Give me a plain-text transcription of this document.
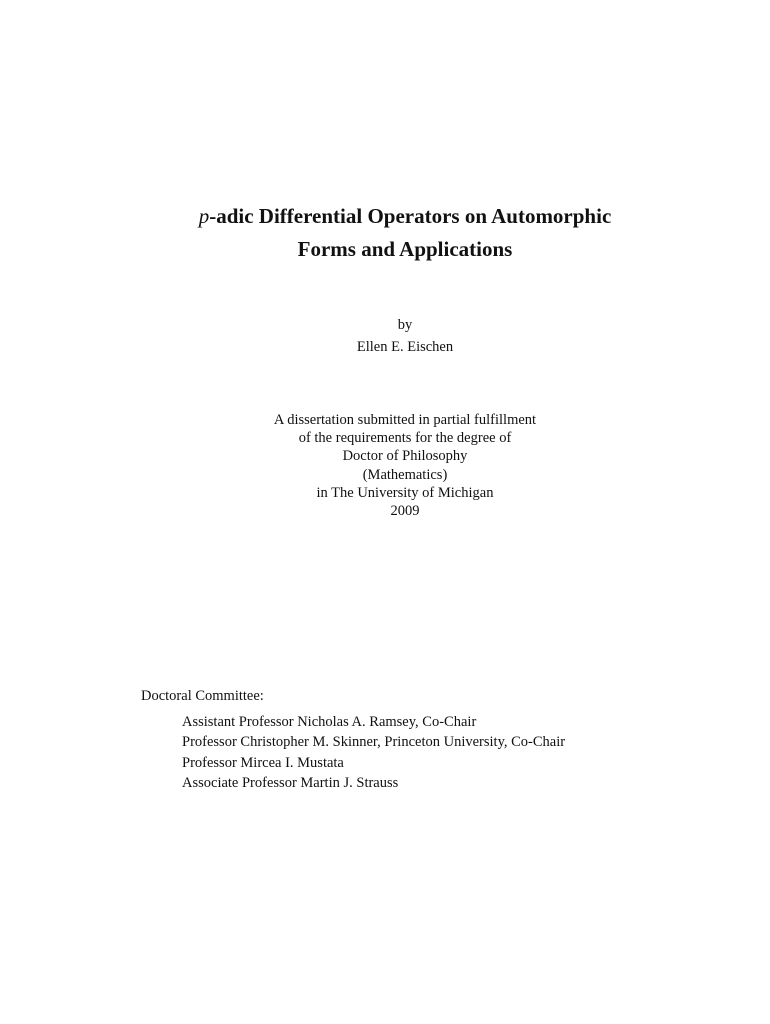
p-adic Differential Operators on Automorphic
Forms and Applications
by
Ellen E. Eischen
A dissertation submitted in partial fulfillment
of the requirements for the degree of
Doctor of Philosophy
(Mathematics)
in The University of Michigan
2009
Doctoral Committee:
Assistant Professor Nicholas A. Ramsey, Co-Chair
Professor Christopher M. Skinner, Princeton University, Co-Chair
Professor Mircea I. Mustata
Associate Professor Martin J. Strauss
